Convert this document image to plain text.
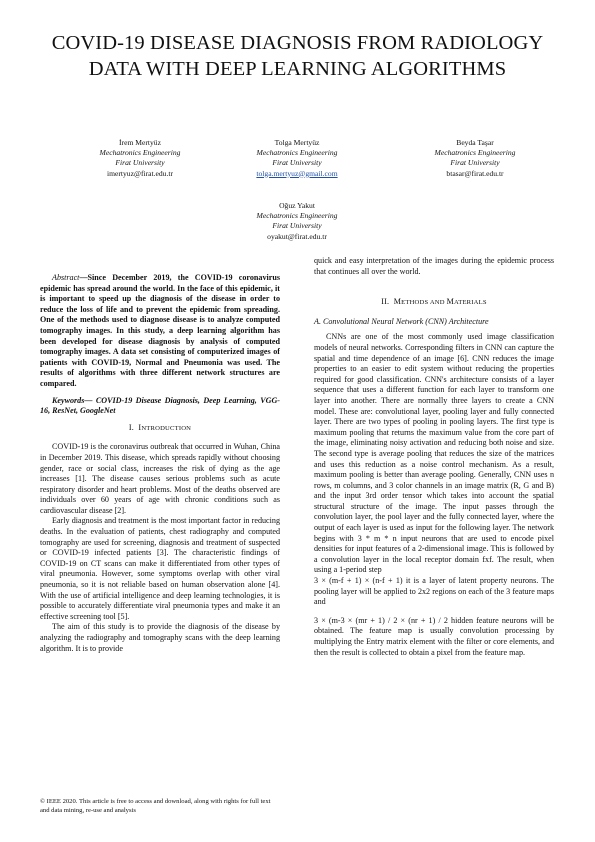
COVID-19 DISEASE DIAGNOSIS FROM RADIOLOGY DATA WITH DEEP LEARNING ALGORITHMS
İrem Mertyüz
Mechatronics Engineering
Firat University
imertyuz@firat.edu.tr
Tolga Mertyüz
Mechatronics Engineering
Firat University
tolga.mertyuz@gmail.com
Beyda Taşar
Mechatronics Engineering
Firat University
btasar@firat.edu.tr
Oğuz Yakut
Mechatronics Engineering
Firat University
oyakut@firat.edu.tr

Abstract—Since December 2019, the COVID-19 coronavirus epidemic has spread around the world. In the face of this epidemic, it is important to speed up the diagnosis of the disease in order to reduce the loss of life and to prevent the epidemic from spreading. One of the methods used to diagnose disease is to analyze computed tomography images. In this study, a deep learning algorithm has been developed for disease diagnosis by analysis of computed tomography images. A data set consisting of computerized images of patients with COVID-19, Normal and Pneumonia was used. The results of algorithms with three different network structures are compared.

Keywords— COVID-19 Disease Diagnosis, Deep Learning, VGG-16, ResNet, GoogleNet

I. INTRODUCTION

COVID-19 is the coronavirus outbreak that occurred in Wuhan, China in December 2019. This disease, which spreads rapidly without choosing gender, race or social class, increases the risk of dying as the age increases [1]. The disease causes serious problems such as acute respiratory disorder and heart problems. Most of the deaths observed are individuals over 60 years of age with chronic conditions such as cardiovascular disease [2].

Early diagnosis and treatment is the most important factor in reducing deaths. In the evaluation of patients, chest radiography and computed tomography are used for screening, diagnosis and treatment of suspected or COVID-19 infected patients [3]. The characteristic findings of COVID-19 on CT scans can make it differentiated from other types of viral pneumonia. However, some symptoms overlap with other viral pneumonia, so it is not reliable based on human observation alone [4]. With the use of artificial intelligence and deep learning technologies, it is possible to accurately differentiate viral pneumonia types and make it an effective screening tool [5].

The aim of this study is to provide the diagnosis of the disease by analyzing the radiography and tomography scans with the deep learning algorithm. It is to provide

quick and easy interpretation of the images during the epidemic process that continues all over the world.

II. METHODS AND MATERIALS
A. Convolutional Neural Network (CNN) Architecture

CNNs are one of the most commonly used image classification models of neural networks. Corresponding filters in CNN can capture the spatial and time dependence of an image [6]. CNN reduces the image properties to an easier to edit system without reducing the properties required for good classification. CNN's architecture consists of a layer sequence that uses a different function for each layer to transform one layer into another. There are normally three layers to create a CNN model. These are: convolutional layer, pooling layer and fully connected layer. There are two types of pooling in pooling layers. The first type is maximum pooling that returns the maximum value from the core part of the image, eliminating noisy activation and reducing both noise and size. The second type is average pooling that reduces the size of the matrices and uses this reduction as a noise control mechanism. As a result, maximum pooling is better than average pooling. Generally, CNN uses n rows, m columns, and 3 color channels in an image matrix (R, G and B) and the input 3rd order tensor which takes into account the spatial structural structure of the image. The input passes through the convolution layer, the pool layer and the fully connected layer, where the output of each layer is used as input for the following layer. The network begins with 3 * m * n input neurons that are used to encode pixel densities for input features of a 2-dimensional image. This is followed by a convolution layer in the local receptor domain fxf. The result, when using a 1-period step

3 × (m-f + 1) × (n-f + 1) it is a layer of latent property neurons. The pooling layer will be applied to 2x2 regions on each of the 3 feature maps and

3 × (m-3 × (mr + 1) / 2 × (nr + 1) / 2 hidden feature neurons will be obtained. The feature map is usually convolution processing by multiplying the Entry matrix element with the filter or core elements, and then the result is collected to obtain a pixel from the feature map.

© IEEE 2020. This article is free to access and download, along with rights for full text and data mining, re-use and analysis
